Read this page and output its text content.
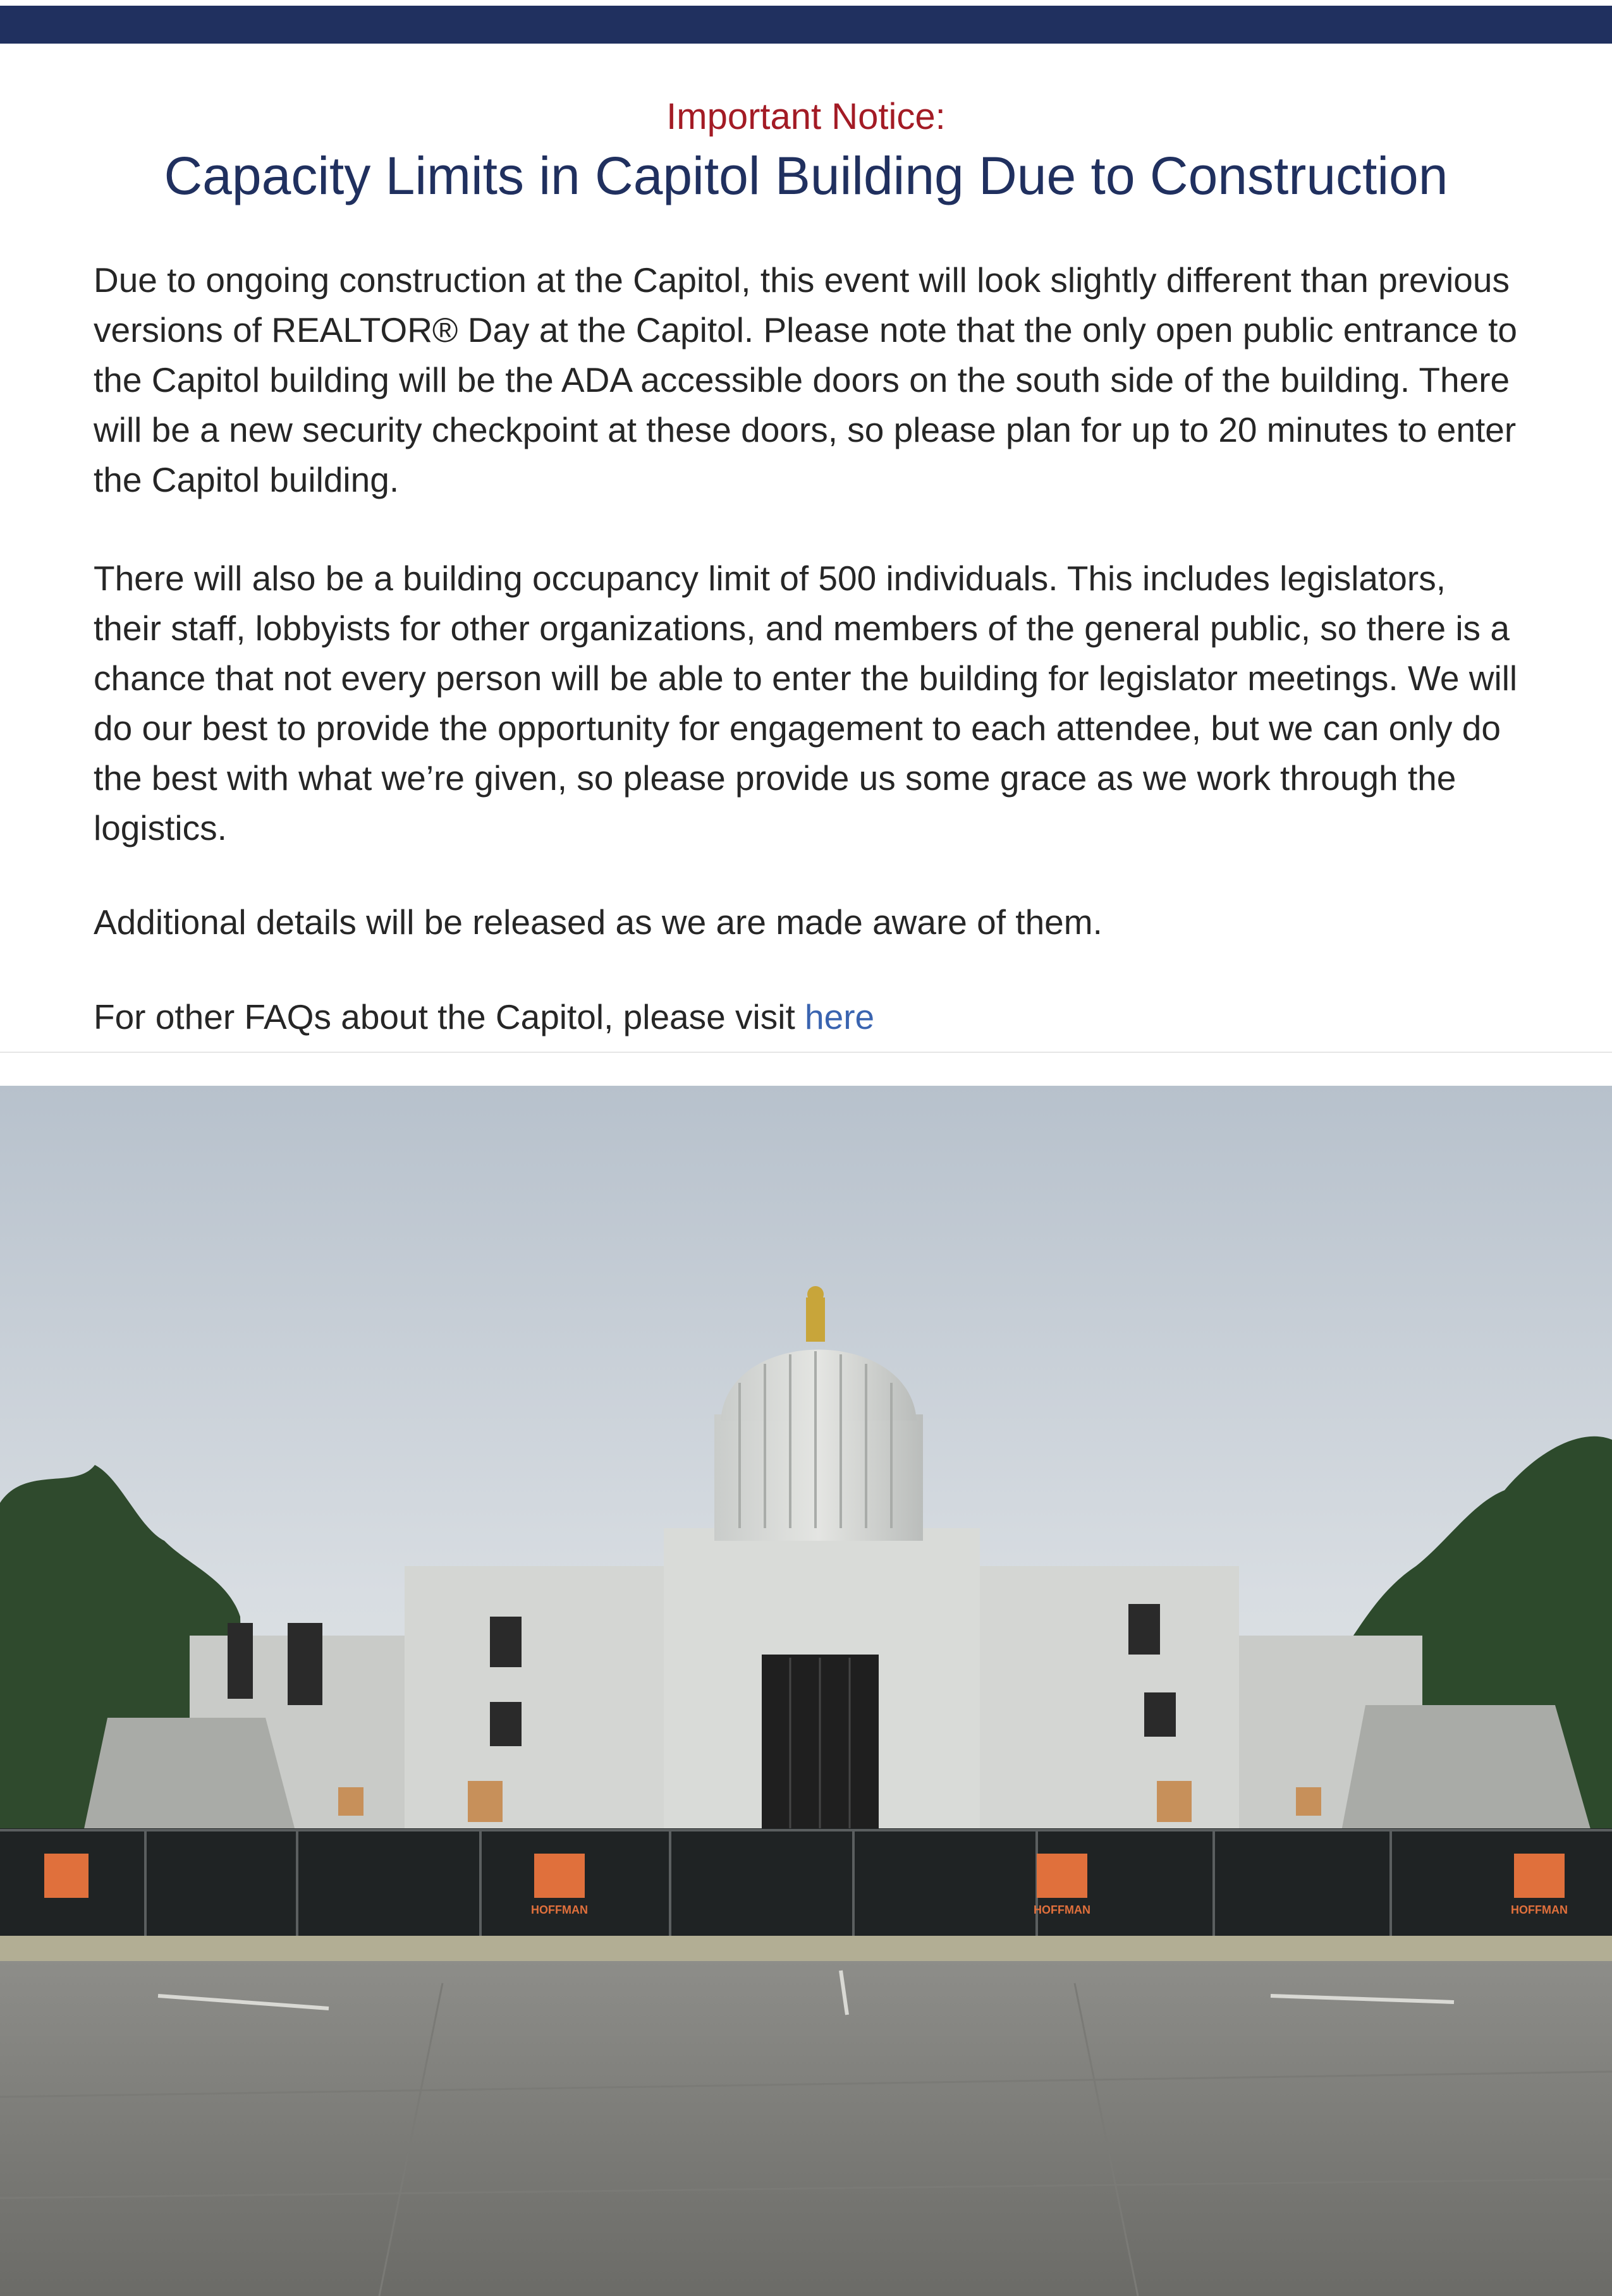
Important Notice:
Capacity Limits in Capitol Building Due to Construction

Due to ongoing construction at the Capitol, this event will look slightly different than previous versions of REALTOR® Day at the Capitol. Please note that the only open public entrance to the Capitol building will be the ADA accessible doors on the south side of the building. There will be a new security checkpoint at these doors, so please plan for up to 20 minutes to enter the Capitol building.

There will also be a building occupancy limit of 500 individuals. This includes legislators, their staff, lobbyists for other organizations, and members of the general public, so there is a chance that not every person will be able to enter the building for legislator meetings. We will do our best to provide the opportunity for engagement to each attendee, but we can only do the best with what we’re given, so please provide us some grace as we work through the logistics.

Additional details will be released as we are made aware of them.

For other FAQs about the Capitol, please visit here

HOFFMAN	HOFFMAN	HOFFMAN
